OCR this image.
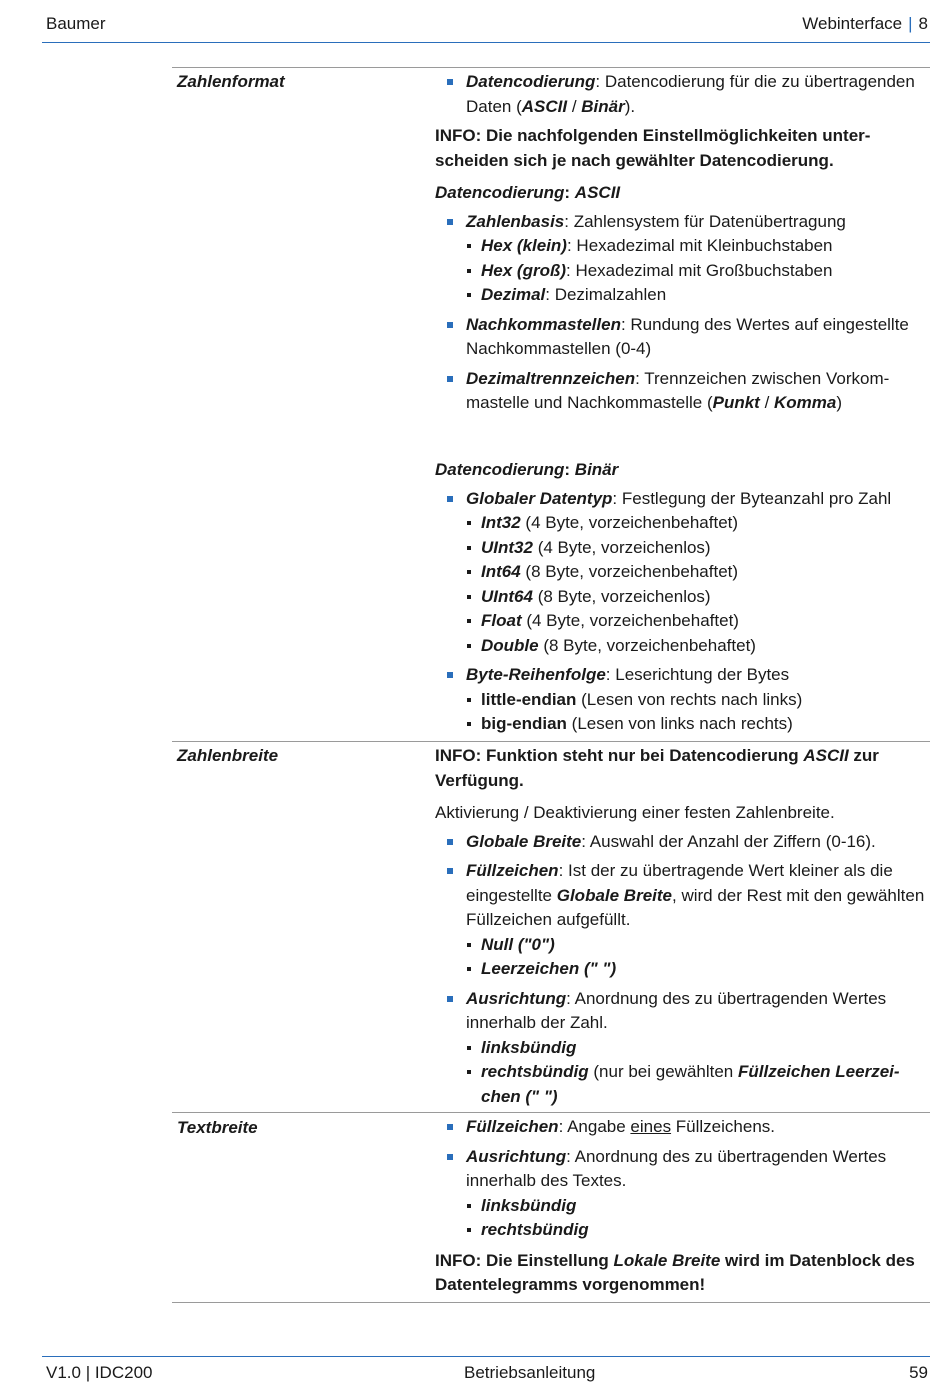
Baumer	Webinterface | 8
Zahlenformat	Datencodierung: Datencodierung für die zu übertragenden Daten (ASCII / Binär).

INFO: Die nachfolgenden Einstellmöglichkeiten unterscheiden sich je nach gewählter Datencodierung.

Datencodierung: ASCII

Zahlenbasis: Zahlensystem für Datenübertragung
Hex (klein): Hexadezimal mit Kleinbuchstaben
Hex (groß): Hexadezimal mit Großbuchstaben
Dezimal: Dezimalzahlen
Nachkommastellen: Rundung des Wertes auf eingestellte Nachkommastellen (0-4)
Dezimaltrennzeichen: Trennzeichen zwischen Vorkommastelle und Nachkommastelle (Punkt / Komma)

Datencodierung: Binär

Globaler Datentyp: Festlegung der Byteanzahl pro Zahl
Int32 (4 Byte, vorzeichenbehaftet)
UInt32 (4 Byte, vorzeichenlos)
Int64 (8 Byte, vorzeichenbehaftet)
UInt64 (8 Byte, vorzeichenlos)
Float (4 Byte, vorzeichenbehaftet)
Double (8 Byte, vorzeichenbehaftet)
Byte-Reihenfolge: Leserichtung der Bytes
little-endian (Lesen von rechts nach links)
big-endian (Lesen von links nach rechts)
Zahlenbreite	INFO: Funktion steht nur bei Datencodierung ASCII zur Verfügung.

Aktivierung / Deaktivierung einer festen Zahlenbreite.

Globale Breite: Auswahl der Anzahl der Ziffern (0-16).
Füllzeichen: Ist der zu übertragende Wert kleiner als die eingestellte Globale Breite, wird der Rest mit den gewählten Füllzeichen aufgefüllt.
Null ("0")
Leerzeichen (" ")
Ausrichtung: Anordnung des zu übertragenden Wertes innerhalb der Zahl.
linksbündig
rechtsbündig (nur bei gewählten Füllzeichen Leerzeichen (" ")
Textbreite	Füllzeichen: Angabe eines Füllzeichens.
Ausrichtung: Anordnung des zu übertragenden Wertes innerhalb des Textes.
linksbündig
rechtsbündig

INFO: Die Einstellung Lokale Breite wird im Datenblock des Datentelegramms vorgenommen!

V1.0 | IDC200	Betriebsanleitung	59
